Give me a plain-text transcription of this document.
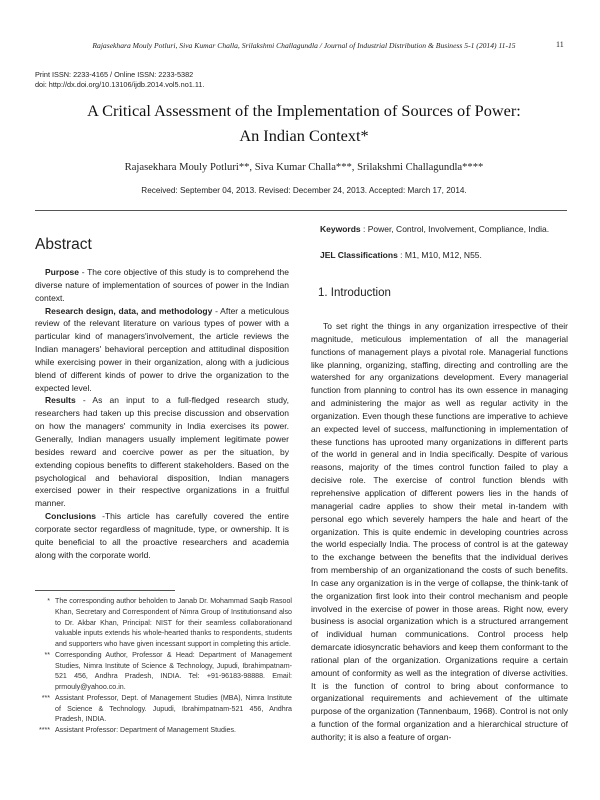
Rajasekhara Mouly Potluri, Siva Kumar Challa, Srilakshmi Challagundla / Journal of Industrial Distribution & Business 5-1 (2014) 11-15	11
Print ISSN: 2233-4165 / Online ISSN: 2233-5382
doi: http://dx.doi.org/10.13106/ijdb.2014.vol5.no1.11.
A Critical Assessment of the Implementation of Sources of Power:
An Indian Context*
Rajasekhara Mouly Potluri**, Siva Kumar Challa***, Srilakshmi Challagundla****
Received: September 04, 2013. Revised: December 24, 2013. Accepted: March 17, 2014.
Abstract

Purpose - The core objective of this study is to comprehend the diverse nature of implementation of sources of power in the Indian context.

Research design, data, and methodology - After a meticulous review of the relevant literature on various types of power with a particular kind of managers'involvement, the article reviews the Indian managers' behavioral perception and attitudinal disposition while exercising power in their organization, along with a judicious blend of different kinds of power to drive the organization to the expected level.

Results - As an input to a full-fledged research study, researchers had taken up this precise discussion and observation on how the managers' community in India exercises its power. Generally, Indian managers usually implement legitimate power besides reward and coercive power as per the situation, by extending copious benefits to different stakeholders. Based on the psychological and behavioral disposition, Indian managers exercised power in their respective organizations in a fruitful manner.

Conclusions -This article has carefully covered the entire corporate sector regardless of magnitude, type, or ownership. It is quite beneficial to all the proactive researchers and academia along with the corporate world.

Keywords : Power, Control, Involvement, Compliance, India.
JEL Classifications : M1, M10, M12, N55.
1. Introduction

To set right the things in any organization irrespective of their magnitude, meticulous implementation of all the managerial functions of management plays a pivotal role. Managerial functions like planning, organizing, staffing, directing and controlling are the watershed for any organizations development. Every managerial function from planning to control has its own essence in managing and administering the major as well as regular activity in the organization. Even though these functions are imperative to achieve an expected level of success, malfunctioning in implementation of these functions has uprooted many organizations in different parts of the world in general and in India specifically. Despite of various reasons, majority of the times control function failed to play a decisive role. The exercise of control function blends with reprehensive application of different powers lies in the hands of managerial cadre applies to show their metal in-tandem with personal ego which severely hampers the hale and heart of the organization. This is quite endemic in developing countries across the world especially India. The process of control is at the gateway to the exchange between the benefits that the individual derives from membership of an organizationand the costs of such benefits. In case any organization is in the verge of collapse, the think-tank of the organization first look into their control mechanism and people involved in the exercise of power in those areas. Right now, every business is asocial organization which is a structured arrangement of individual human communications. Control process help demarcate idiosyncratic behaviors and keep them conformant to the rational plan of the organization. Organizations require a certain amount of conformity as well as the integration of diverse activities. It is the function of control to bring about conformance to organizational requirements and achievement of the ultimate purpose of the organization (Tannenbaum, 1968). Control is not only a function of the formal organization and a hierarchical structure of authority; it is also a feature of organ-

* The corresponding author beholden to Janab Dr. Mohammad Saqib Rasool Khan, Secretary and Correspondent of Nimra Group of Institutionsand also to Dr. Akbar Khan, Principal: NIST for their seamless collaborationand valuable inputs extends his whole-hearted thanks to respondents, students and supporters who have given incessant support in completing this article.
** Corresponding Author, Professor & Head: Department of Management Studies, Nimra Institute of Science & Technology, Jupudi, Ibrahimpatnam- 521 456, Andhra Pradesh, INDIA. Tel: +91-96183-98888. Email: prmouly@yahoo.co.in.
*** Assistant Professor, Dept. of Management Studies (MBA), Nimra Institute of Science & Technology. Jupudi, Ibrahimpatnam-521 456, Andhra Pradesh, INDIA.
**** Assistant Professor: Department of Management Studies.
